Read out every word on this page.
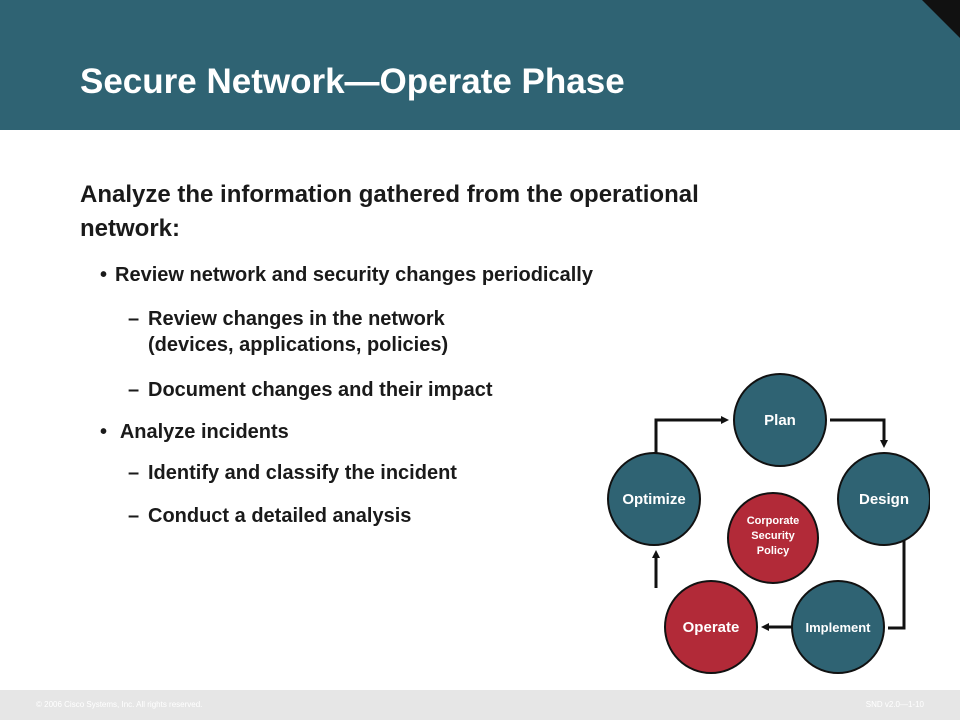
Secure Network—Operate Phase
Analyze the information gathered from the operational network:
• Review network and security changes periodically
– Review changes in the network
(devices, applications, policies)
– Document changes and their impact
• Analyze incidents
– Identify and classify the incident
– Conduct a detailed analysis
Plan
Design
Implement
Operate
Optimize
Corporate
Security
Policy
© 2006 Cisco Systems, Inc. All rights reserved.	SND v2.0—1-10
